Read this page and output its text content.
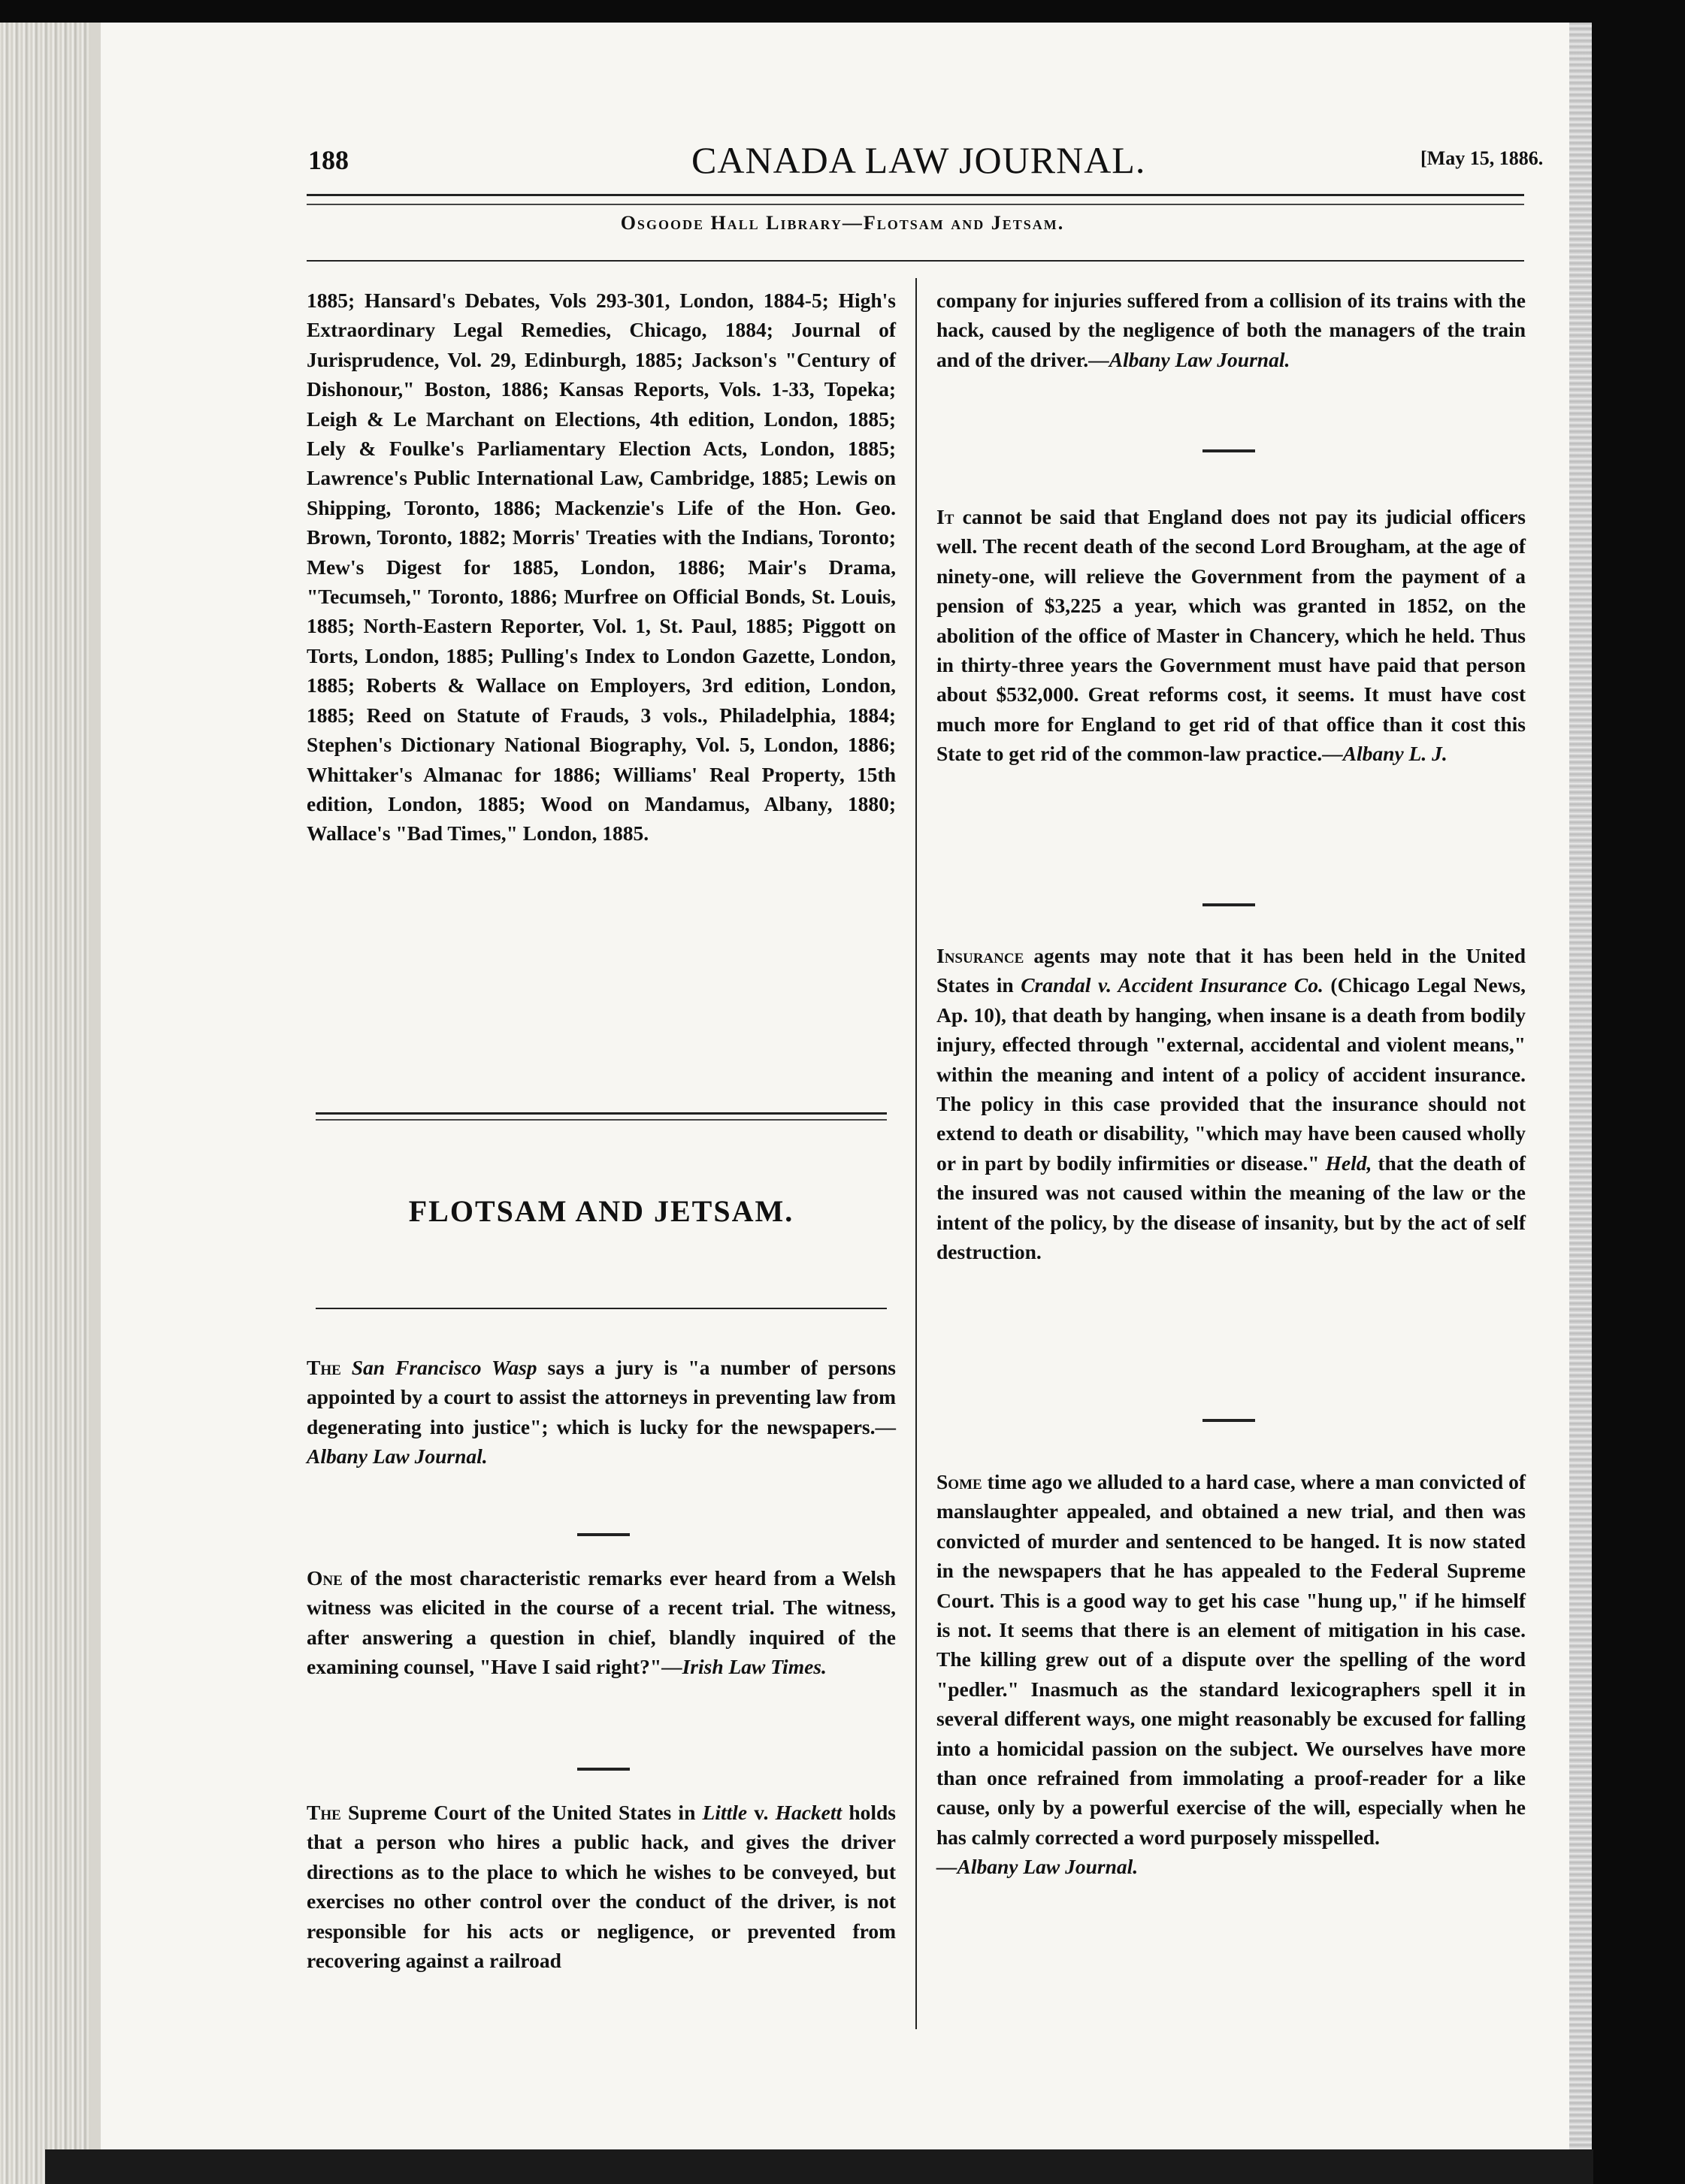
188	CANADA LAW JOURNAL.	[May 15, 1886.
Osgoode Hall Library—Flotsam and Jetsam.

1885; Hansard's Debates, Vols 293-301, London, 1884-5; High's Extraordinary Legal Remedies, Chicago, 1884; Journal of Jurisprudence, Vol. 29, Edinburgh, 1885; Jackson's "Century of Dishonour," Boston, 1886; Kansas Reports, Vols. 1-33, Topeka; Leigh & Le Marchant on Elections, 4th edition, London, 1885; Lely & Foulke's Parliamentary Election Acts, London, 1885; Lawrence's Public International Law, Cambridge, 1885; Lewis on Shipping, Toronto, 1886; Mackenzie's Life of the Hon. Geo. Brown, Toronto, 1882; Morris' Treaties with the Indians, Toronto; Mew's Digest for 1885, London, 1886; Mair's Drama, "Tecumseh," Toronto, 1886; Murfree on Official Bonds, St. Louis, 1885; North-Eastern Reporter, Vol. 1, St. Paul, 1885; Piggott on Torts, London, 1885; Pulling's Index to London Gazette, London, 1885; Roberts & Wallace on Employers, 3rd edition, London, 1885; Reed on Statute of Frauds, 3 vols., Philadelphia, 1884; Stephen's Dictionary National Biography, Vol. 5, London, 1886; Whittaker's Almanac for 1886; Williams' Real Property, 15th edition, London, 1885; Wood on Mandamus, Albany, 1880; Wallace's "Bad Times," London, 1885.

FLOTSAM AND JETSAM.

The San Francisco Wasp says a jury is "a number of persons appointed by a court to assist the attorneys in preventing law from degenerating into justice"; which is lucky for the newspapers.—Albany Law Journal.

One of the most characteristic remarks ever heard from a Welsh witness was elicited in the course of a recent trial. The witness, after answering a question in chief, blandly inquired of the examining counsel, "Have I said right?"—Irish Law Times.

The Supreme Court of the United States in Little v. Hackett holds that a person who hires a public hack, and gives the driver directions as to the place to which he wishes to be conveyed, but exercises no other control over the conduct of the driver, is not responsible for his acts or negligence, or prevented from recovering against a railroad

company for injuries suffered from a collision of its trains with the hack, caused by the negligence of both the managers of the train and of the driver.—Albany Law Journal.

It cannot be said that England does not pay its judicial officers well. The recent death of the second Lord Brougham, at the age of ninety-one, will relieve the Government from the payment of a pension of $3,225 a year, which was granted in 1852, on the abolition of the office of Master in Chancery, which he held. Thus in thirty-three years the Government must have paid that person about $532,000. Great reforms cost, it seems. It must have cost much more for England to get rid of that office than it cost this State to get rid of the common-law practice.—Albany L. J.

Insurance agents may note that it has been held in the United States in Crandal v. Accident Insurance Co. (Chicago Legal News, Ap. 10), that death by hanging, when insane is a death from bodily injury, effected through "external, accidental and violent means," within the meaning and intent of a policy of accident insurance. The policy in this case provided that the insurance should not extend to death or disability, "which may have been caused wholly or in part by bodily infirmities or disease." Held, that the death of the insured was not caused within the meaning of the law or the intent of the policy, by the disease of insanity, but by the act of self destruction.

Some time ago we alluded to a hard case, where a man convicted of manslaughter appealed, and obtained a new trial, and then was convicted of murder and sentenced to be hanged. It is now stated in the newspapers that he has appealed to the Federal Supreme Court. This is a good way to get his case "hung up," if he himself is not. It seems that there is an element of mitigation in his case. The killing grew out of a dispute over the spelling of the word "pedler." Inasmuch as the standard lexicographers spell it in several different ways, one might reasonably be excused for falling into a homicidal passion on the subject. We ourselves have more than once refrained from immolating a proof-reader for a like cause, only by a powerful exercise of the will, especially when he has calmly corrected a word purposely misspelled.

—Albany Law Journal.
